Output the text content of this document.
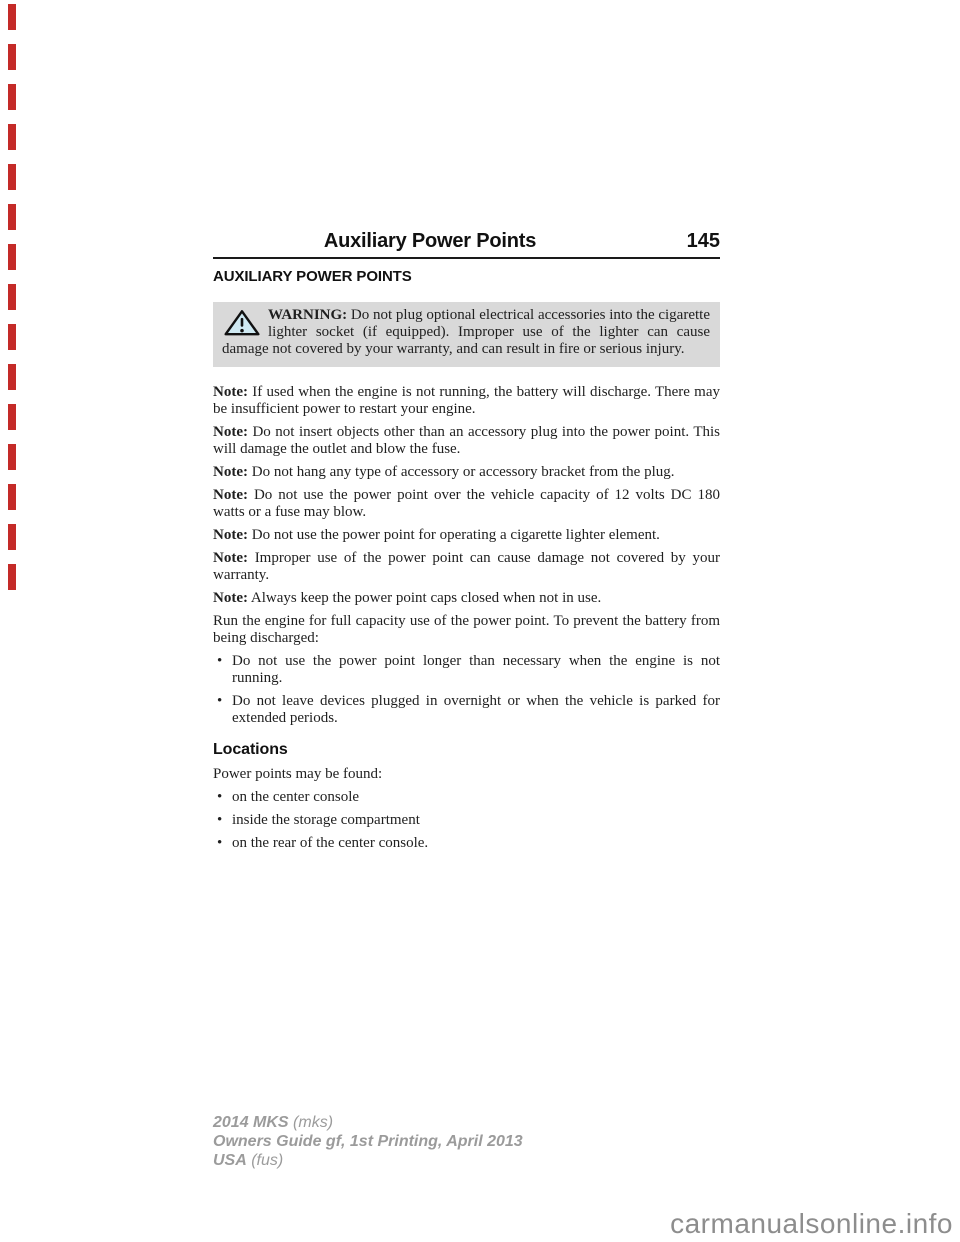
Auxiliary Power Points	145
AUXILIARY POWER POINTS

WARNING: Do not plug optional electrical accessories into the cigarette lighter socket (if equipped). Improper use of the lighter can cause damage not covered by your warranty, and can result in fire or serious injury.

Note: If used when the engine is not running, the battery will discharge. There may be insufficient power to restart your engine.

Note: Do not insert objects other than an accessory plug into the power point. This will damage the outlet and blow the fuse.

Note: Do not hang any type of accessory or accessory bracket from the plug.

Note: Do not use the power point over the vehicle capacity of 12 volts DC 180 watts or a fuse may blow.

Note: Do not use the power point for operating a cigarette lighter element.

Note: Improper use of the power point can cause damage not covered by your warranty.

Note: Always keep the power point caps closed when not in use.

Run the engine for full capacity use of the power point. To prevent the battery from being discharged:

• Do not use the power point longer than necessary when the engine is not running.
• Do not leave devices plugged in overnight or when the vehicle is parked for extended periods.
Locations

Power points may be found:

• on the center console
• inside the storage compartment
• on the rear of the center console.
2014 MKS (mks)
Owners Guide gf, 1st Printing, April 2013
USA (fus)
carmanualsonline.info
